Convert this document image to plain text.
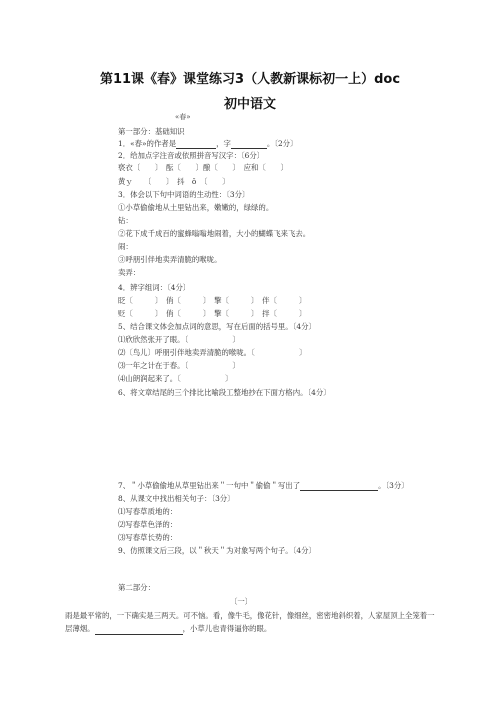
第11课《春》课堂练习3（人教新课标初一上）doc
初中语文
«春»
第一部分：基础知识
1．«春»的作者是	，字	。〔2分〕
2．给加点字注音或依照拼音写汉字：〔6分〕
亵衣〔　　〕　酝〔　　〕酿〔　　〕　应和〔　　〕
黄ｙ　　〔　　〕　抖　ǒ　〔　　〕
3．体会以下句中词语的生动性：〔3分〕
①小草偷偷地从土里钻出来，嫩嫩的，绿绿的。
钻：
②花下成千成百的蜜蜂嗡嗡地闹着，大小的蝴蝶飞来飞去。
闹：
③呼朋引伴地卖弄清脆的喉咙。
卖弄：
4．辨字组词：〔4分〕
眨〔　　　〕　俏〔　　　〕　擎〔　　　〕　伴〔　　　〕
贬〔　　　〕　俏〔　　　〕　擎〔　　　〕　拌〔　　　〕
5、结合课文体会加点词的意思，写在后面的括号里。〔4分〕
⑴欣欣然张开了眼。〔　　　　　　〕
⑵〔鸟儿〕呼朋引伴地卖弄清脆的喉咙。〔　　　　　　〕
⑶一年之计在于春。〔　　　　　　〕
⑷山朗润起来了。〔　　　　　　〕
6、将文章结尾的三个排比比喻段工整地抄在下面方格内。〔4分〕
7、＂小草偷偷地从草里钻出来＂一句中＂偷偷＂写出了	。〔3分〕
8、从课文中找出相关句子：〔3分〕
⑴写春草质地的：
⑵写春草色泽的：
⑶写春草长势的：
9、仿照课文后三段，以＂秋天＂为对象写两个句子。〔4分〕
第二部分：
〔一〕
雨是最平常的，一下确实是三两天。可不恼。看，像牛毛，像花针，像细丝，密密地斜织着，人家屋顶上全笼着一层薄烟。	，小草儿也青得逼你的眼。
